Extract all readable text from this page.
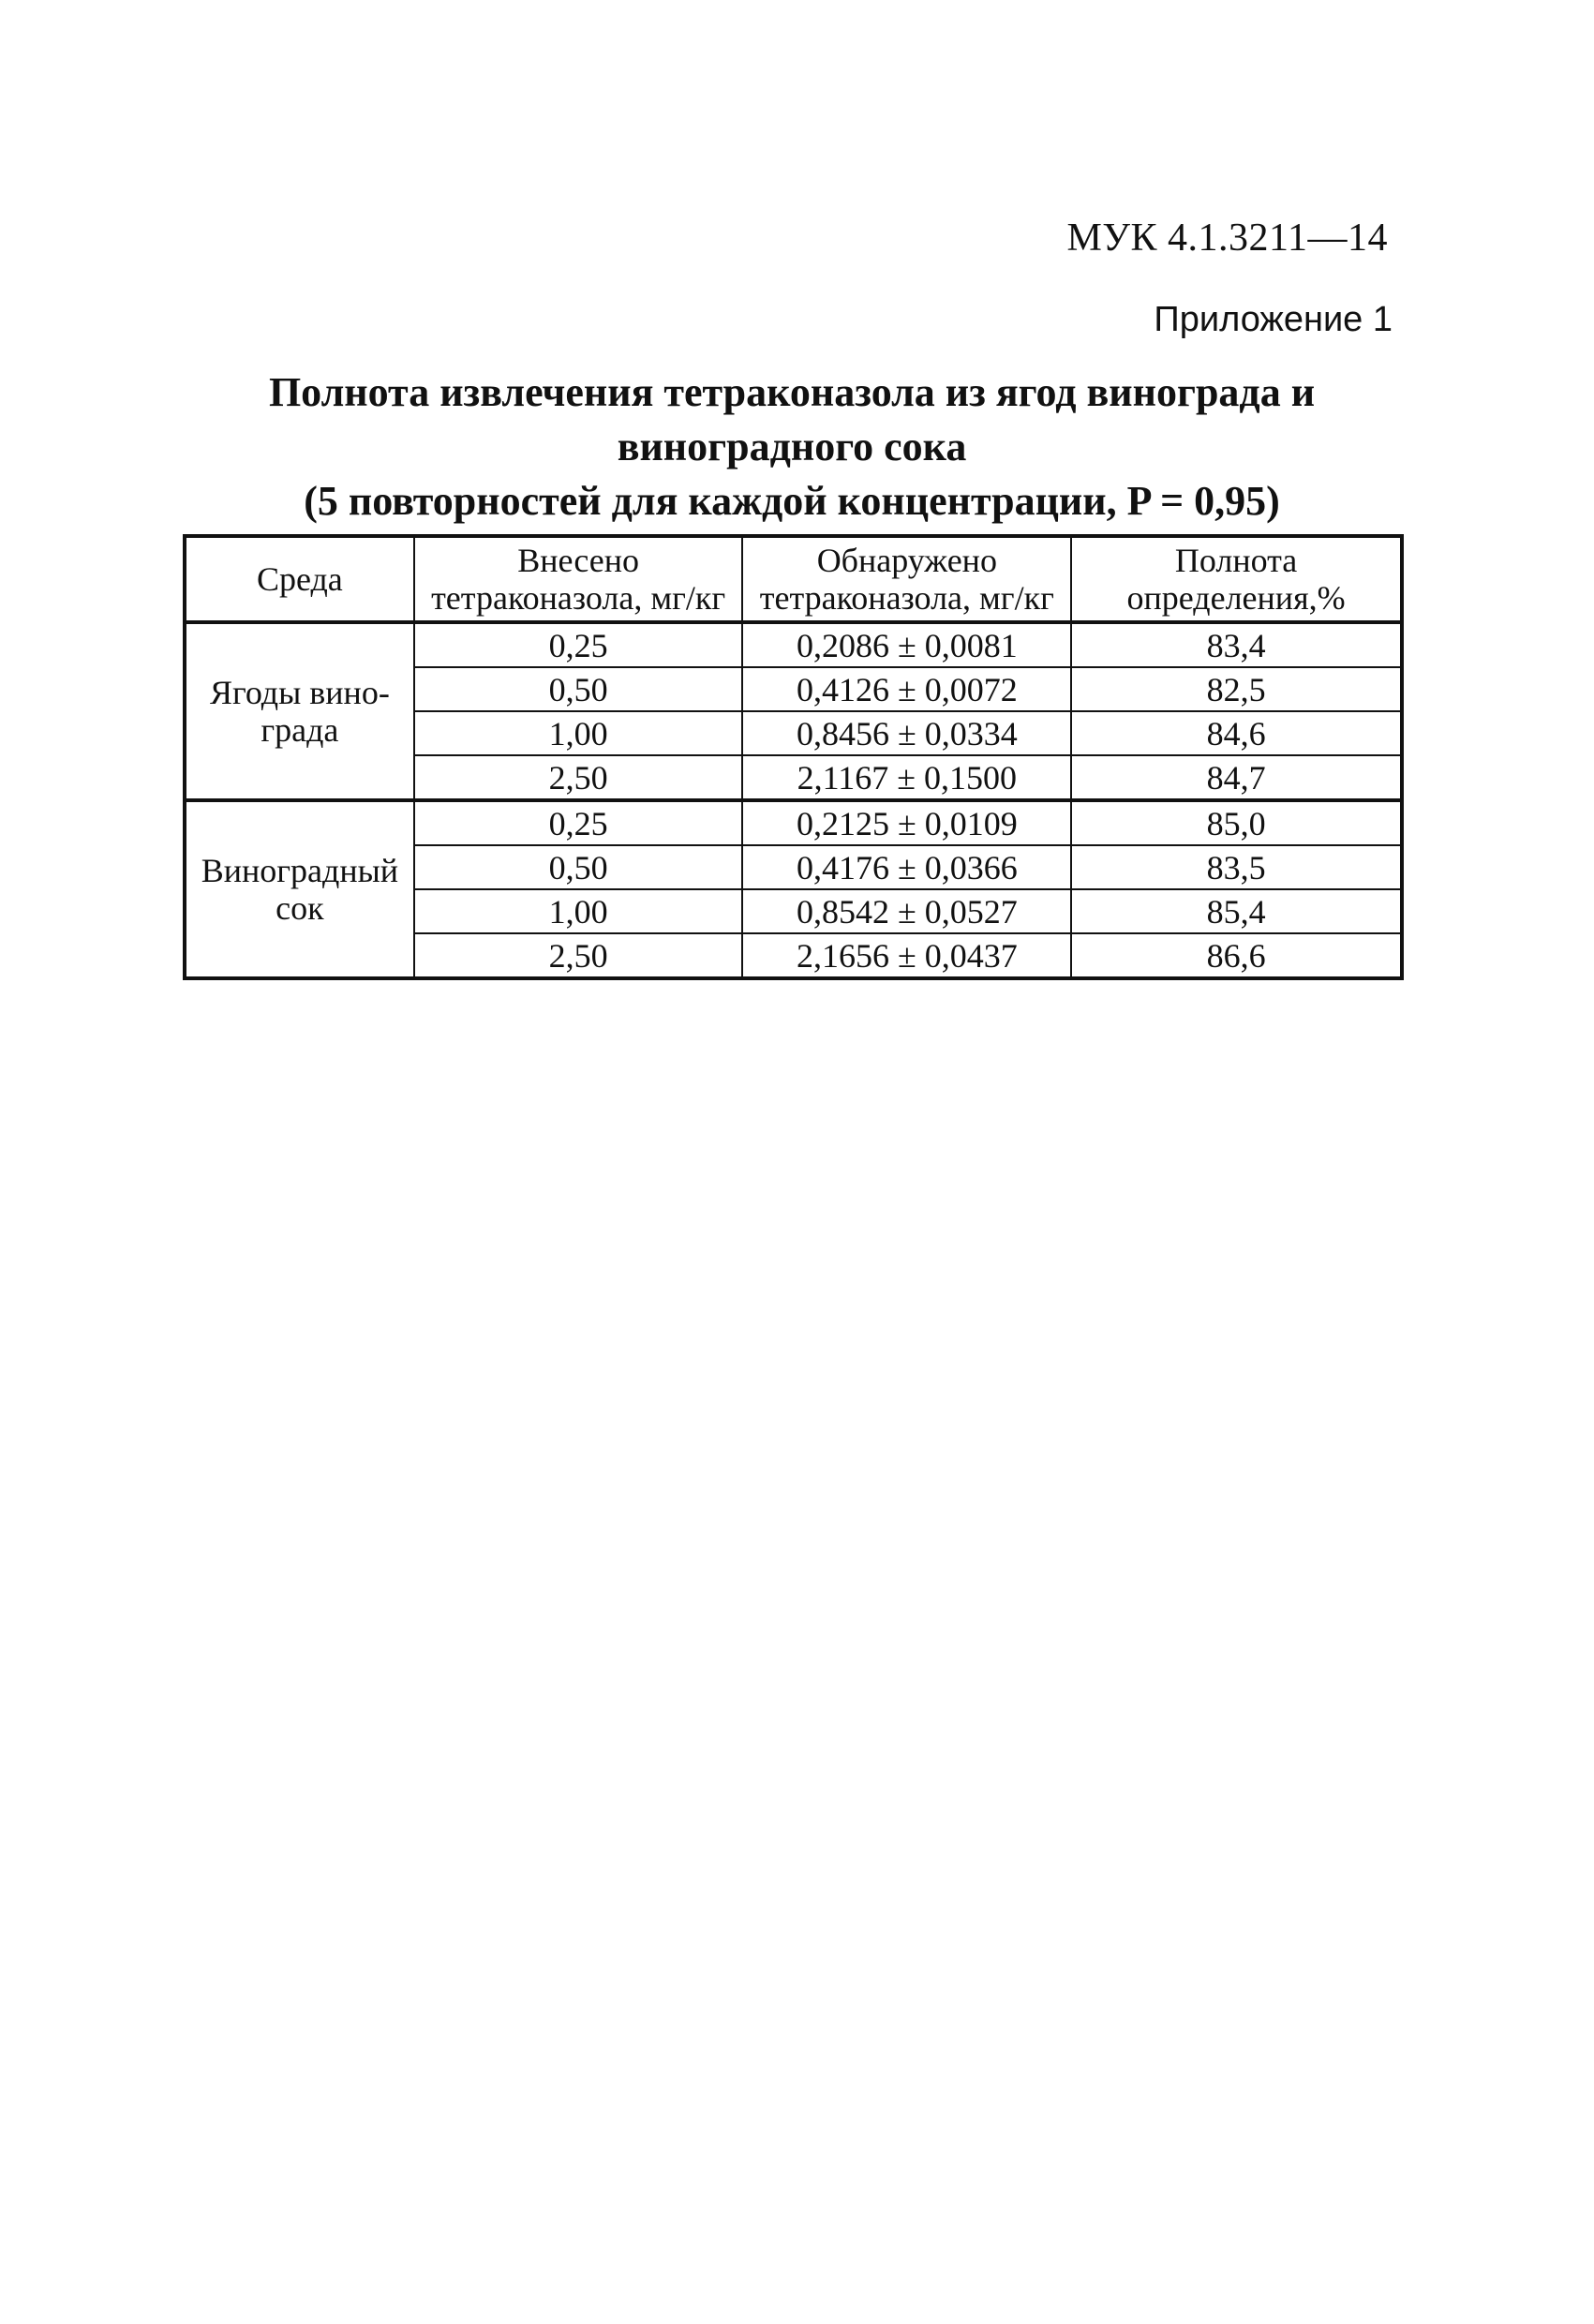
МУК 4.1.3211—14
Приложение 1
Полнота извлечения тетраконазола из ягод винограда и
виноградного сока
(5 повторностей для каждой концентрации, P = 0,95)
Среда	Внесено тетраконазола, мг/кг	Обнаружено тетраконазола, мг/кг	Полнота определения,%
Ягоды вино-града	0,25	0,2086 ± 0,0081	83,4
	0,50	0,4126 ± 0,0072	82,5
	1,00	0,8456 ± 0,0334	84,6
	2,50	2,1167 ± 0,1500	84,7
Виноградный сок	0,25	0,2125 ± 0,0109	85,0
	0,50	0,4176 ± 0,0366	83,5
	1,00	0,8542 ± 0,0527	85,4
	2,50	2,1656 ± 0,0437	86,6
